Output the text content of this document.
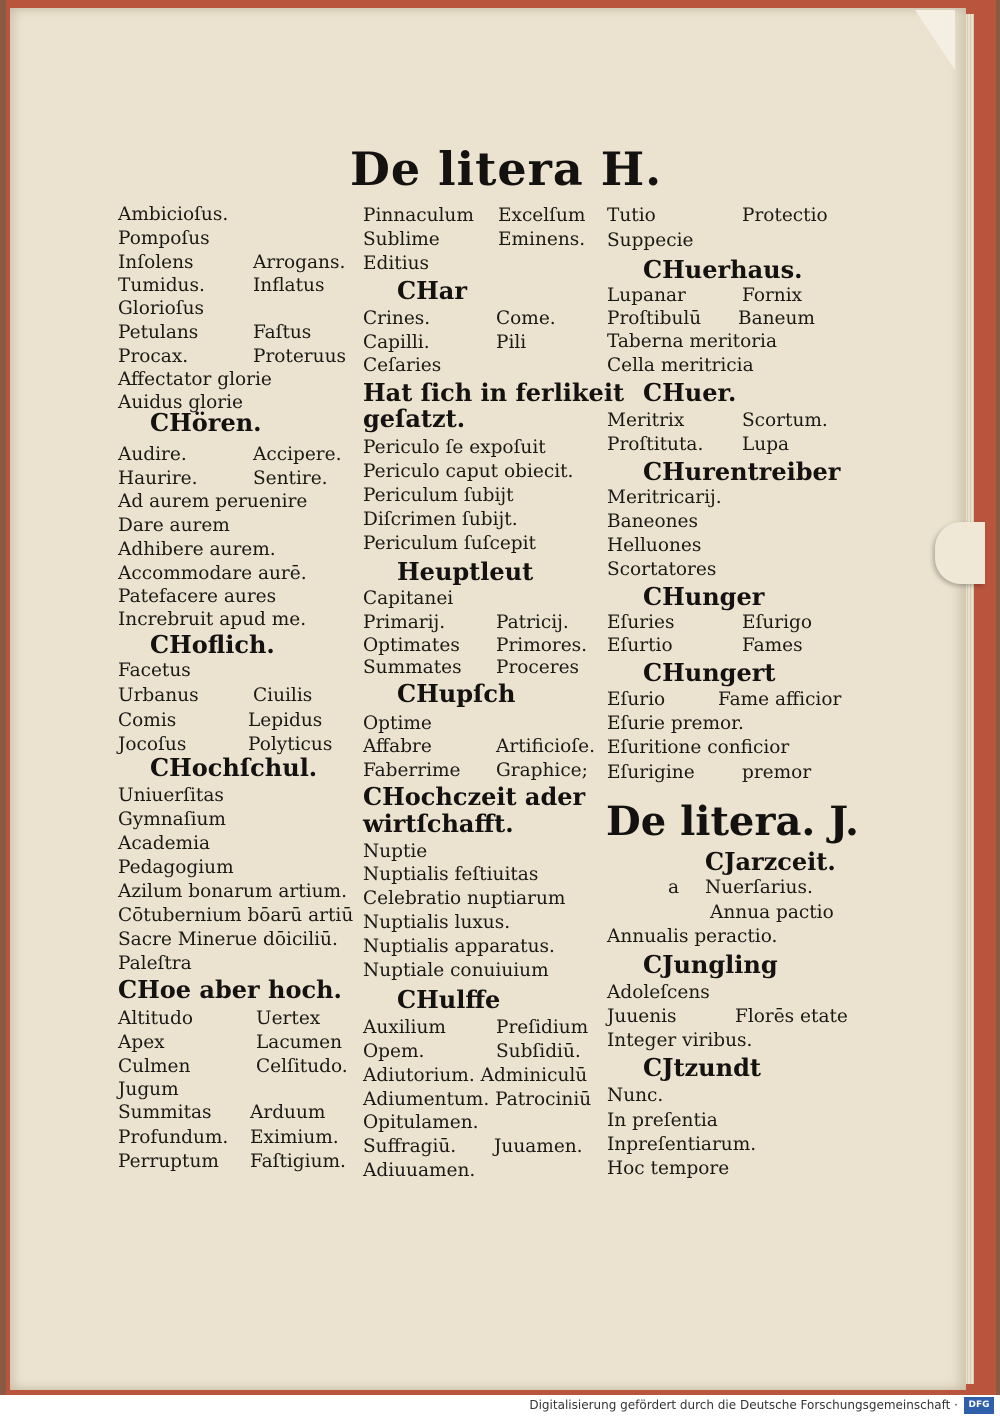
De litera H.

Ambicioſus.

Pompoſus

Inſolens	Arrogans.

Tumidus.	Inflatus

Glorioſus

Petulans	Faſtus

Procax.	Proteruus

Affectator glorie

Auidus glorie

CHören.

Audire.	Accipere.

Haurire.	Sentire.

Ad aurem peruenire

Dare aurem

Adhibere aurem.

Accommodare aurē.

Patefacere aures

Increbruit apud me.

CHoflich.

Facetus

Urbanus	Ciuilis

Comis	Lepidus

Jocoſus	Polyticus

CHochſchul.

Uniuerſitas

Gymnaſium

Academia

Pedagogium

Azilum bonarum artium.

Cōtubernium bōarū artiū

Sacre Minerue dōiciliū.

Paleſtra

CHoe aber hoch.

Altitudo	Uertex

Apex	Lacumen

Culmen	Celſitudo.

Jugum

Summitas Arduum

Profundum. Eximium.

Perruptum Faſtigium.

Pinnaculum Excelſum

Sublime	Eminens.

Editius

CHar

Crines.	Come.

Capilli.	Pili

Ceſaries

Hat ſich in ferlikeit

geſatzt.

Periculo ſe expoſuit

Periculo caput obiecit.

Periculum ſubijt

Diſcrimen ſubijt.

Periculum ſuſcepit

Heuptleut

Capitanei

Primarij.	Patricij.

Optimates Primores.

Summates Proceres

CHupſch

Optime

Affabre	Artificioſe.

Faberrime Graphice;

CHochczeit ader

wirtſchafft.

Nuptie

Nuptialis feſtiuitas

Celebratio nuptiarum

Nuptialis luxus.

Nuptialis apparatus.

Nuptiale conuiuium

CHulffe

Auxilium	Preſidium

Opem.	Subſidiū.

Adiutorium. Adminiculū

Adiumentum. Patrociniū

Opitulamen.

Suffragiū. Juuamen.

Adiuuamen.

Tutio	Protectio

Suppecie

CHuerhaus.

Lupanar	Fornix

Proſtibulū Baneum

Taberna meritoria

Cella meritricia

CHuer.

Meritrix	Scortum.

Proſtituta. Lupa

CHurentreiber

Meritricarij.

Baneones

Helluones

Scortatores

CHunger

Eſuries	Eſurigo

Eſurtio	Fames

CHungert

Eſurio	Fame afficior

Eſurie premor.

Eſuritione conficior

Eſurigine	premor

De litera. J.

CJarzceit.

a Nuerſarius.

Annua pactio

Annualis peractio.

CJungling

Adoleſcens

Juuenis	Florēs etate

Integer viribus.

CJtzundt

Nunc.

In preſentia

Inpreſentiarum.

Hoc tempore

Digitalisierung gefördert durch die Deutsche Forschungsgemeinschaft ·	DFG
